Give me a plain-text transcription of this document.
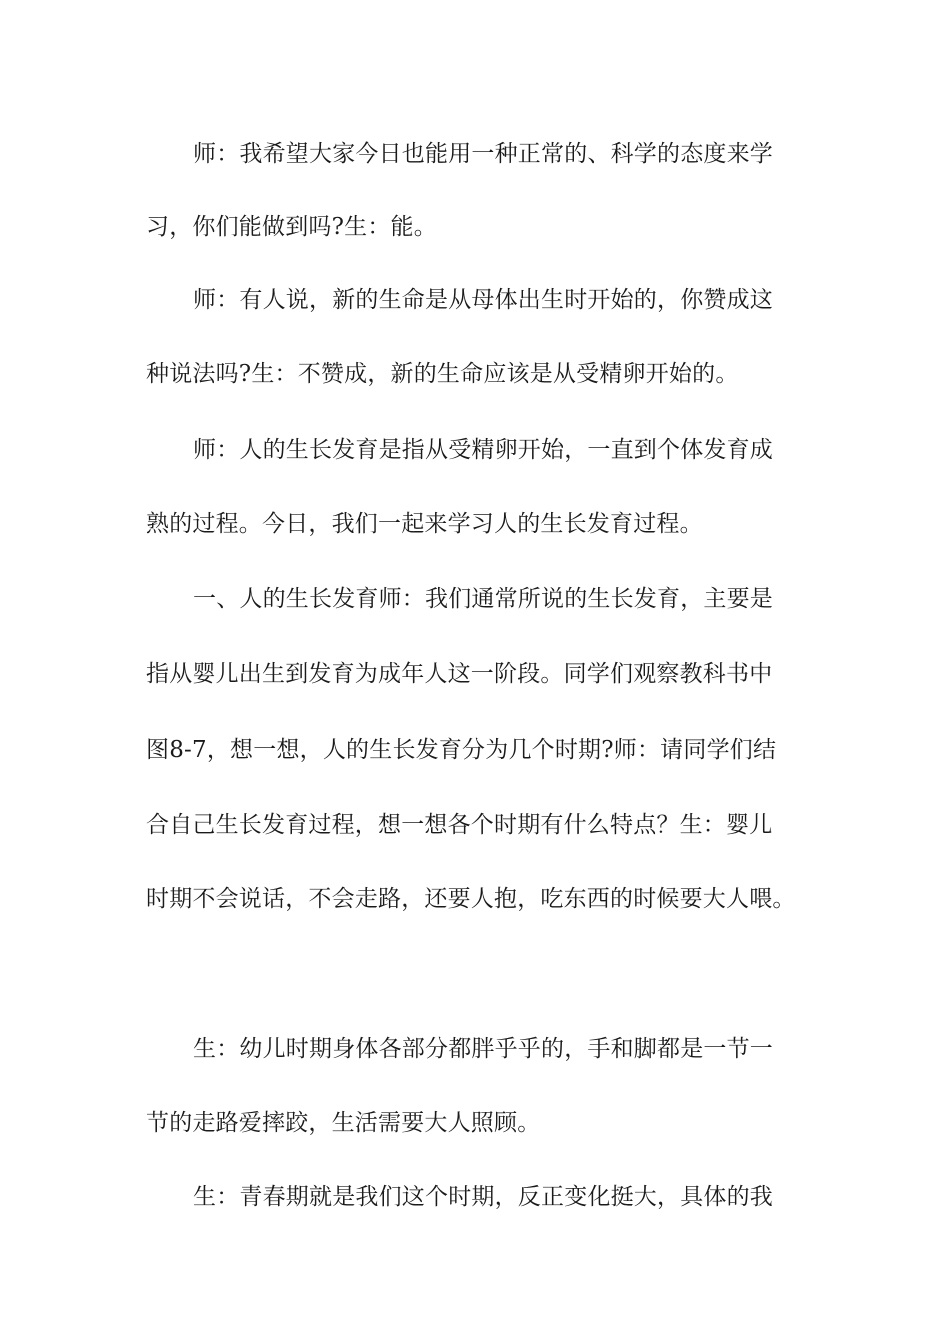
师：我希望大家今日也能用一种正常的、科学的态度来学
习，你们能做到吗?生：能。
师：有人说，新的生命是从母体出生时开始的，你赞成这
种说法吗?生：不赞成，新的生命应该是从受精卵开始的。
师：人的生长发育是指从受精卵开始，一直到个体发育成
熟的过程。今日，我们一起来学习人的生长发育过程。
一、人的生长发育师：我们通常所说的生长发育，主要是
指从婴儿出生到发育为成年人这一阶段。同学们观察教科书中
图8-7，想一想，人的生长发育分为几个时期?师：请同学们结
合自己生长发育过程，想一想各个时期有什么特点？生：婴儿
时期不会说话，不会走路，还要人抱，吃东西的时候要大人喂。
生：幼儿时期身体各部分都胖乎乎的，手和脚都是一节一
节的走路爱摔跤，生活需要大人照顾。
生：青春期就是我们这个时期，反正变化挺大，具体的我
